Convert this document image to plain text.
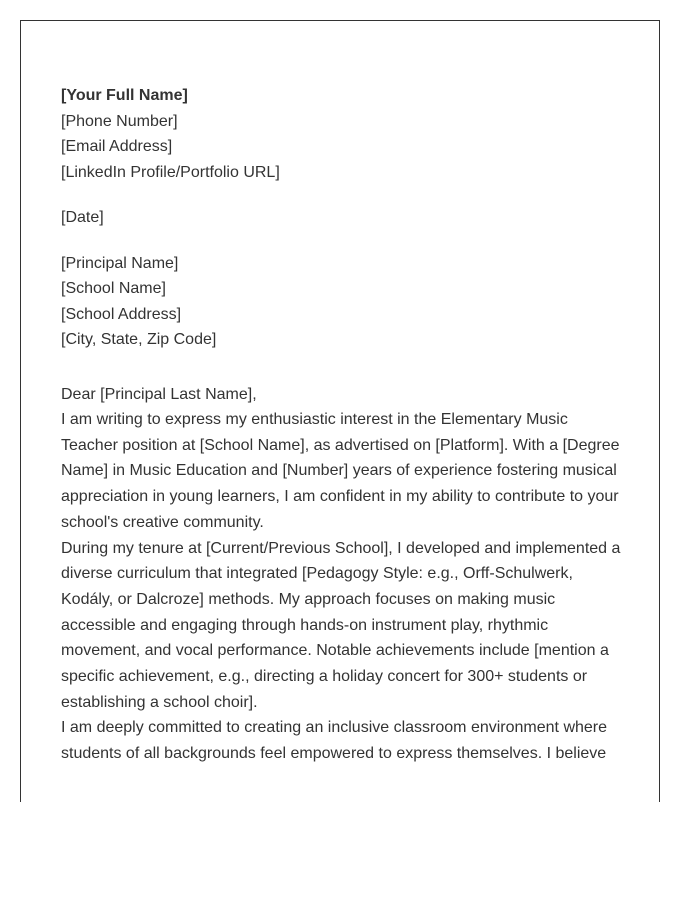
[Your Full Name]
[Phone Number]
[Email Address]
[LinkedIn Profile/Portfolio URL]
[Date]
[Principal Name]
[School Name]
[School Address]
[City, State, Zip Code]
Dear [Principal Last Name],

I am writing to express my enthusiastic interest in the Elementary Music Teacher position at [School Name], as advertised on [Platform]. With a [Degree Name] in Music Education and [Number] years of experience fostering musical appreciation in young learners, I am confident in my ability to contribute to your school's creative community.

During my tenure at [Current/Previous School], I developed and implemented a diverse curriculum that integrated [Pedagogy Style: e.g., Orff-Schulwerk, Kodály, or Dalcroze] methods. My approach focuses on making music accessible and engaging through hands-on instrument play, rhythmic movement, and vocal performance. Notable achievements include [mention a specific achievement, e.g., directing a holiday concert for 300+ students or establishing a school choir].

I am deeply committed to creating an inclusive classroom environment where students of all backgrounds feel empowered to express themselves. I believe
